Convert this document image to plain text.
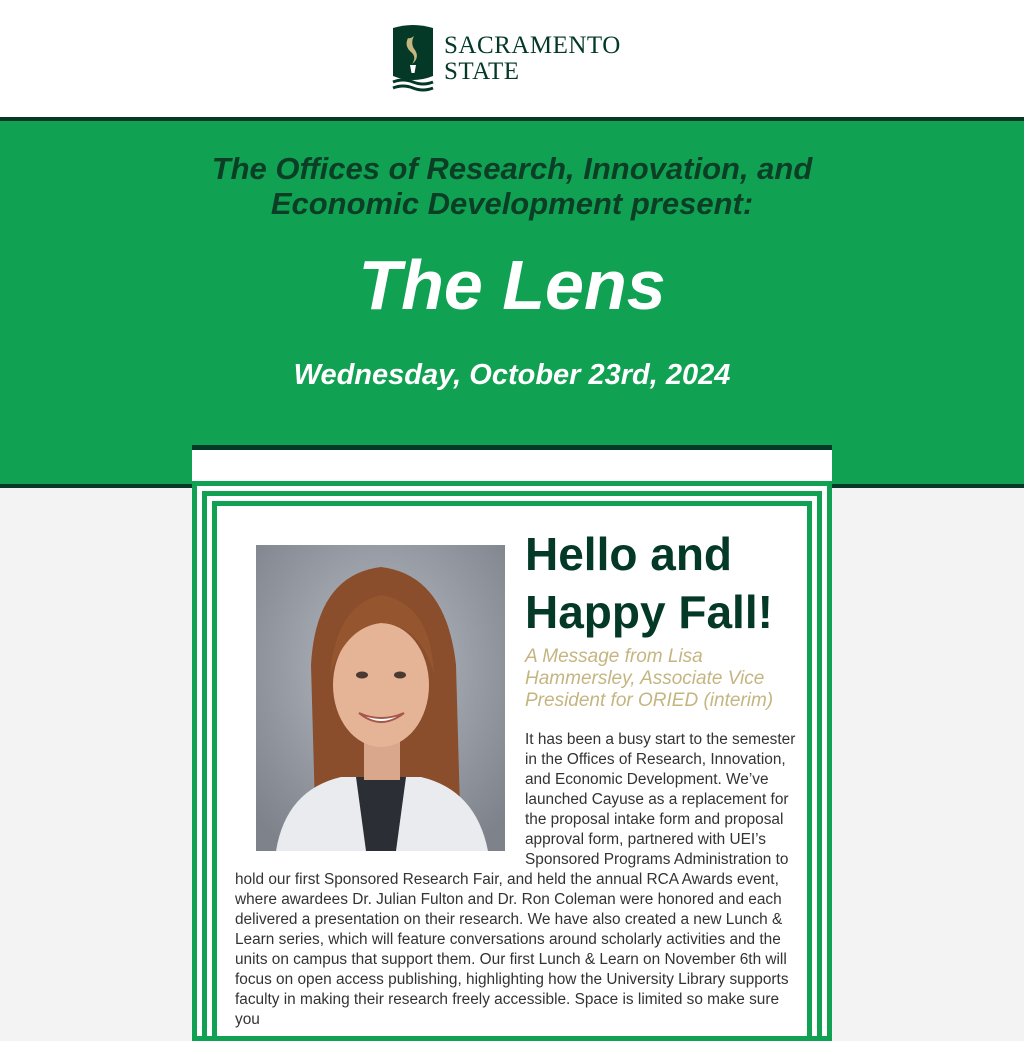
SACRAMENTO
STATE
The Offices of Research, Innovation, and
Economic Development present:
The Lens
Wednesday, October 23rd, 2024
Hello and
Happy Fall!

A Message from Lisa Hammersley, Associate Vice President for ORIED (interim)

It has been a busy start to the semester in the Offices of Research, Innovation, and Economic Development. We’ve launched Cayuse as a replacement for the proposal intake form and proposal approval form, partnered with UEI’s Sponsored Programs Administration to hold our first Sponsored Research Fair, and held the annual RCA Awards event, where awardees Dr. Julian Fulton and Dr. Ron Coleman were honored and each delivered a presentation on their research. We have also created a new Lunch & Learn series, which will feature conversations around scholarly activities and the units on campus that support them. Our first Lunch & Learn on November 6th will focus on open access publishing, highlighting how the University Library supports faculty in making their research freely accessible. Space is limited so make sure you
